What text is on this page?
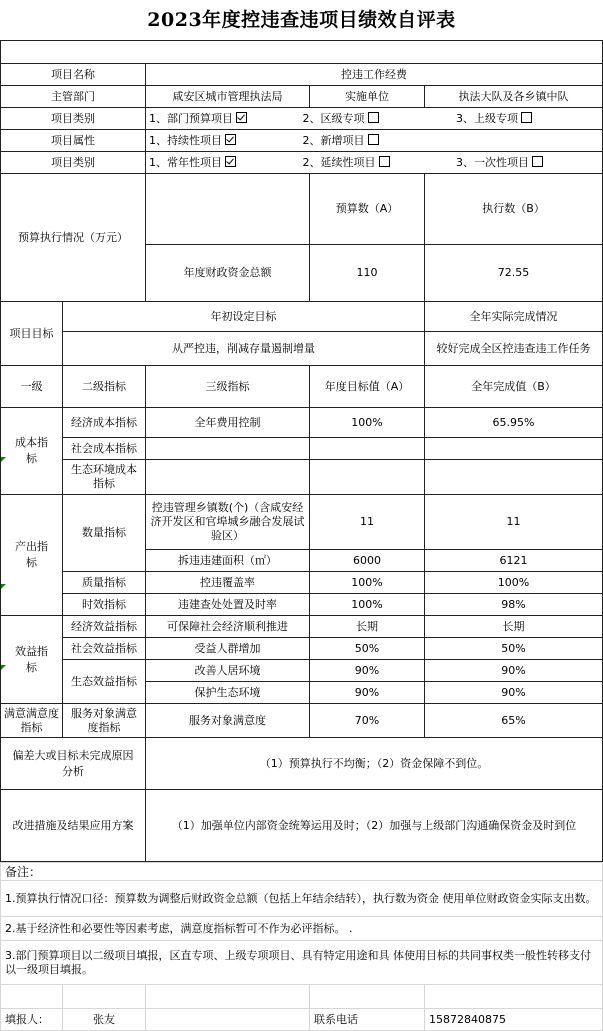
2023年度控违查违项目绩效自评表

项目名称		控违工作经费			
主管部门		咸安区城市管理执法局	实施单位	执法大队及各乡镇中队	
项目类别		1、部门预算项目 2、区级专项 3、上级专项			
项目属性		1、持续性项目 2、新增项目			
项目类别		1、常年性项目 2、延续性项目 3、一次性项目			
预算执行情况（万元）			预算数（A）	执行数（B）	
		年度财政资金总额	110	72.55	
项目目标	年初设定目标			全年实际完成情况	
	从严控违，削减存量遏制增量			较好完成全区控违查违工作任务	
一级	二级指标	三级指标	年度目标值（A）	全年完成值（B）	
成本指标	经济成本指标	全年费用控制	100%	65.95%	
	社会成本指标				
	生态环境成本指标				
产出指标	数量指标	控违管理乡镇数(个)（含咸安经济开发区和官埠城乡融合发展试验区）	11	11	
		拆违违建面积（㎡）	6000	6121	
	质量指标	控违覆盖率	100%	100%	
	时效指标	违建查处处置及时率	100%	98%	
效益指标	经济效益指标	可保障社会经济顺利推进	长期	长期	
	社会效益指标	受益人群增加	50%	50%	
	生态效益指标	改善人居环境	90%	90%	
		保护生态环境	90%	90%	
满意满意度指标	服务对象满意度指标	服务对象满意度	70%	65%	
偏差大或目标未完成原因分析		（1）预算执行不均衡；（2）资金保障不到位。			
改进措施及结果应用方案		（1）加强单位内部资金统筹运用及时；（2）加强与上级部门沟通确保资金及时到位			
备注：				
1.预算执行情况口径：预算数为调整后财政资金总额（包括上年结余结转），执行数为资金 使用单位财政资金实际支出数。				
2.基于经济性和必要性等因素考虑，满意度指标暂可不作为必评指标。 .				
3.部门预算项目以二级项目填报，区直专项、上级专项项目、具有特定用途和具 体使用目标的共同事权类一般性转移支付以一级项目填报。				

填报人：	张友		联系电话	15872840875
